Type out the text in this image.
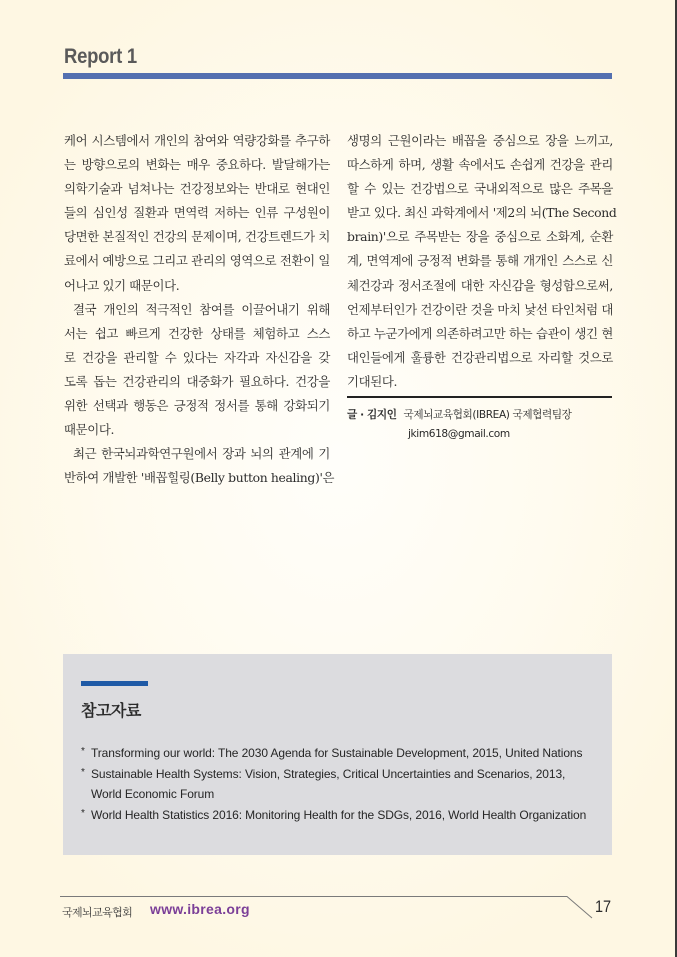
Report 1
케어 시스템에서 개인의 참여와 역량강화를 추구하
는 방향으로의 변화는 매우 중요하다. 발달해가는
의학기술과 넘쳐나는 건강정보와는 반대로 현대인
들의 심인성 질환과 면역력 저하는 인류 구성원이
당면한 본질적인 건강의 문제이며, 건강트렌드가 치
료에서 예방으로 그리고 관리의 영역으로 전환이 일
어나고 있기 때문이다.
결국 개인의 적극적인 참여를 이끌어내기 위해
서는 쉽고 빠르게 건강한 상태를 체험하고 스스
로 건강을 관리할 수 있다는 자각과 자신감을 갖
도록 돕는 건강관리의 대중화가 필요하다. 건강을
위한 선택과 행동은 긍정적 정서를 통해 강화되기
때문이다.
최근 한국뇌과학연구원에서 장과 뇌의 관계에 기
반하여 개발한 '배꼽힐링(Belly button healing)'은
생명의 근원이라는 배꼽을 중심으로 장을 느끼고,
따스하게 하며, 생활 속에서도 손쉽게 건강을 관리
할 수 있는 건강법으로 국내외적으로 많은 주목을
받고 있다. 최신 과학계에서 '제2의 뇌(The Second
brain)'으로 주목받는 장을 중심으로 소화계, 순환
계, 면역계에 긍정적 변화를 통해 개개인 스스로 신
체건강과 정서조절에 대한 자신감을 형성함으로써,
언제부터인가 건강이란 것을 마치 낯선 타인처럼 대
하고 누군가에게 의존하려고만 하는 습관이 생긴 현
대인들에게 훌륭한 건강관리법으로 자리할 것으로
기대된다.
글 · 김지인 국제뇌교육협회(IBREA) 국제협력팀장
jkim618@gmail.com
참고자료
* Transforming our world: The 2030 Agenda for Sustainable Development, 2015, United Nations
* Sustainable Health Systems: Vision, Strategies, Critical Uncertainties and Scenarios, 2013,
World Economic Forum
* World Health Statistics 2016: Monitoring Health for the SDGs, 2016, World Health Organization
국제뇌교육협회 www.ibrea.org	17
